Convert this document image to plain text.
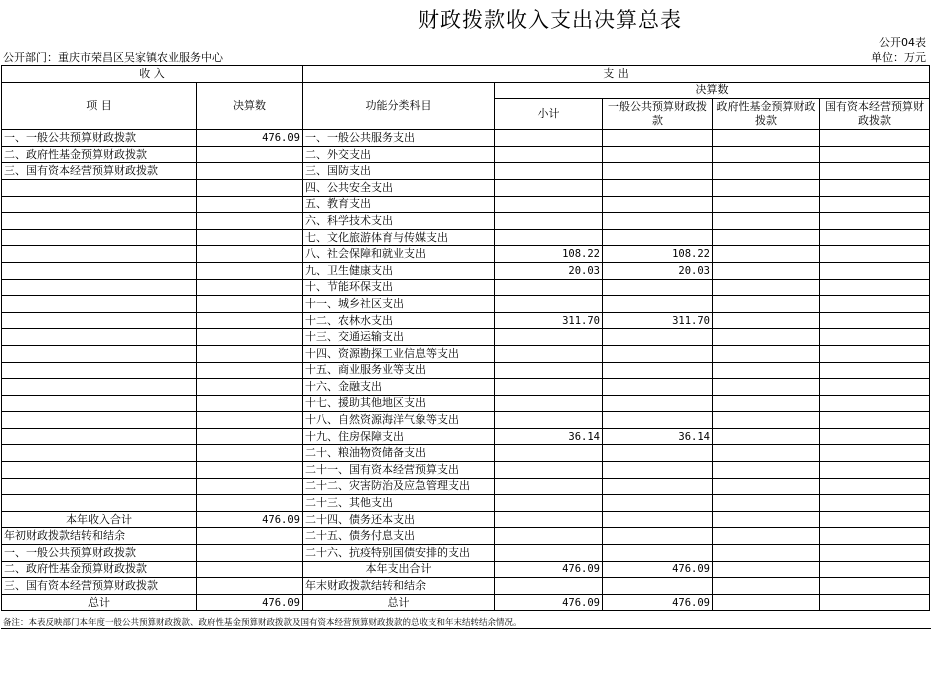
财政拨款收入支出决算总表
公开04表
公开部门：重庆市荣昌区吴家镇农业服务中心	单位：万元
收 入		支 出				
项 目	决算数	功能分类科目	决算数			
			小计	一般公共预算财政拨款	政府性基金预算财政拨款	国有资本经营预算财政拨款
一、一般公共预算财政拨款	476.09	一、一般公共服务支出				
二、政府性基金预算财政拨款		二、外交支出				
三、国有资本经营预算财政拨款		三、国防支出				
		四、公共安全支出				
		五、教育支出				
		六、科学技术支出				
		七、文化旅游体育与传媒支出				
		八、社会保障和就业支出	108.22	108.22		
		九、卫生健康支出	20.03	20.03		
		十、节能环保支出				
		十一、城乡社区支出				
		十二、农林水支出	311.70	311.70		
		十三、交通运输支出				
		十四、资源勘探工业信息等支出				
		十五、商业服务业等支出				
		十六、金融支出				
		十七、援助其他地区支出				
		十八、自然资源海洋气象等支出				
		十九、住房保障支出	36.14	36.14		
		二十、粮油物资储备支出				
		二十一、国有资本经营预算支出				
		二十二、灾害防治及应急管理支出				
		二十三、其他支出				
本年收入合计	476.09	二十四、债务还本支出				
年初财政拨款结转和结余		二十五、债务付息支出				
一、一般公共预算财政拨款		二十六、抗疫特别国债安排的支出				
二、政府性基金预算财政拨款		本年支出合计	476.09	476.09		
三、国有资本经营预算财政拨款		年末财政拨款结转和结余				
总计	476.09	总计	476.09	476.09		
备注：本表反映部门本年度一般公共预算财政拨款、政府性基金预算财政拨款及国有资本经营预算财政拨款的总收支和年末结转结余情况。
